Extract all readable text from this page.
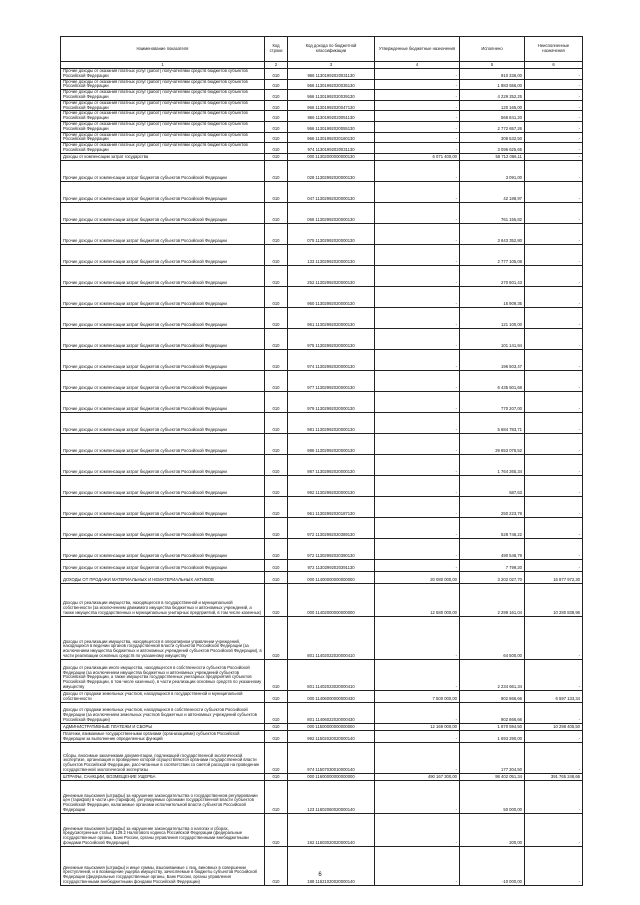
Наименование показателя	Код строки	Код дохода по бюджетной классификации	Утвержденные бюджетные назначения	Исполнено	Неисполненные назначения
1	2	3	4	5	6
Прочие доходы от оказания платных услуг (работ) получателями средств бюджетов субъектов Российской Федерации	010	966 11301992020031130	-	910 336,00	-
Прочие доходы от оказания платных услуг (работ) получателями средств бюджетов субъектов Российской Федерации	010	966 11301992020035130	-	1 883 556,00	-
Прочие доходы от оказания платных услуг (работ) получателями средств бюджетов субъектов Российской Федерации	010	966 11301992020039130	-	4 229 252,25	-
Прочие доходы от оказания платных услуг (работ) получателями средств бюджетов субъектов Российской Федерации	010	966 11301992020047130	-	120 165,00	-
Прочие доходы от оказания платных услуг (работ) получателями средств бюджетов субъектов Российской Федерации	010	966 11301992020051130	-	566 841,20	-
Прочие доходы от оказания платных услуг (работ) получателями средств бюджетов субъектов Российской Федерации	010	966 11301992020055130	-	2 772 657,26	-
Прочие доходы от оказания платных услуг (работ) получателями средств бюджетов субъектов Российской Федерации	010	966 11301992020160130	-	308 532,50	-
Прочие доходы от оказания платных услуг (работ) получателями средств бюджетов субъектов Российской Федерации	010	974 11301992020031130	-	3 096 625,65	-
Доходы от компенсации затрат государства	010	000 11302000000000130	6 071 400,00	55 712 066,11	-
Прочие доходы от компенсации затрат бюджетов субъектов Российской Федерации	010	028 11302992020000130	-	3 091,00	-
Прочие доходы от компенсации затрат бюджетов субъектов Российской Федерации	010	047 11302992020000130	-	42 188,97	-
Прочие доходы от компенсации затрат бюджетов субъектов Российской Федерации	010	066 11302992020000130	-	761 155,82	-
Прочие доходы от компенсации затрат бюджетов субъектов Российской Федерации	010	075 11302992020000130	-	3 643 352,80	-
Прочие доходы от компенсации затрат бюджетов субъектов Российской Федерации	010	133 11302992020000130	-	2 777 105,08	-
Прочие доходы от компенсации затрат бюджетов субъектов Российской Федерации	010	252 11302992020000130	-	270 601,43	-
Прочие доходы от компенсации затрат бюджетов субъектов Российской Федерации	010	960 11302992020000130	-	15 909,35	-
Прочие доходы от компенсации затрат бюджетов субъектов Российской Федерации	010	961 11302992020000130	-	121 100,00	-
Прочие доходы от компенсации затрат бюджетов субъектов Российской Федерации	010	975 11302992020000130	-	101 141,94	-
Прочие доходы от компенсации затрат бюджетов субъектов Российской Федерации	010	974 11302992020000130	-	196 503,47	-
Прочие доходы от компенсации затрат бюджетов субъектов Российской Федерации	010	977 11302992020000130	-	6 435 501,68	-
Прочие доходы от компенсации затрат бюджетов субъектов Российской Федерации	010	979 11302992020000130	-	770 207,00	-
Прочие доходы от компенсации затрат бюджетов субъектов Российской Федерации	010	981 11302992020000130	-	5 684 783,71	-
Прочие доходы от компенсации затрат бюджетов субъектов Российской Федерации	010	986 11302992020000130	-	29 653 076,52	-
Прочие доходы от компенсации затрат бюджетов субъектов Российской Федерации	010	987 11302992020000130	-	1 764 265,34	-
Прочие доходы от компенсации затрат бюджетов субъектов Российской Федерации	010	992 11302992020000130	-	587,63	-
Прочие доходы от компенсации затрат бюджетов субъектов Российской Федерации	010	961 11302992020187130	-	250 223,78	-
Прочие доходы от компенсации затрат бюджетов субъектов Российской Федерации	010	972 11302992020389130	-	528 746,22	-
Прочие доходы от компенсации затрат бюджетов субъектов Российской Федерации	010	972 11302992020390130	-	490 548,79	-
Прочие доходы от компенсации затрат бюджетов субъектов Российской Федерации	010	972 11302992020391130	-	7 799,20	-
ДОХОДЫ ОТ ПРОДАЖИ МАТЕРИАЛЬНЫХ И НЕМАТЕРИАЛЬНЫХ АКТИВОВ	010	000 11400000000000000	20 080 000,00	3 202 027,70	16 877 972,30
Доходы от реализации имущества, находящегося в государственной и муниципальной собственности (за исключением движимого имущества бюджетных и автономных учреждений, а также имущества государственных и муниципальных унитарных предприятий, в том числе казенных)	010	000 11402000000000000	12 580 000,00	2 299 161,04	10 280 838,96
Доходы от реализации имущества, находящегося в оперативном управлении учреждений, находящихся в ведении органов государственной власти субъектов Российской Федерации (за исключением имущества бюджетных и автономных учреждений субъектов Российской Федерации), в части реализации основных средств по указанному имуществу	010	801 11402022020000410	-	64 500,00	-
Доходы от реализации иного имущества, находящегося в собственности субъектов Российской Федерации (за исключением имущества бюджетных и автономных учреждений субъектов Российской Федерации, а также имущества государственных унитарных предприятий субъектов Российской Федерации, в том числе казенных), в части реализации основных средств по указанному имуществу	010	801 11402023020000410	-	2 234 661,34	-
Доходы от продажи земельных участков, находящихся в государственной и муниципальной собственности	010	000 11406000000000430	7 500 000,00	902 866,66	6 597 133,34
Доходы от продажи земельных участков, находящихся в собственности субъектов Российской Федерации (за исключением земельных участков бюджетных и автономных учреждений субъектов Российской Федерации)	010	801 11406022020000430	-	902 866,66	-
АДМИНИСТРАТИВНЫЕ ПЛАТЕЖИ И СБОРЫ	010	000 11500000000000000	12 169 000,00	1 870 594,50	10 298 405,50
Платежи, взимаемые государственными органами (организациями) субъектов Российской Федерации за выполнение определенных функций	010	992 11502020020000140	-	1 693 290,00	-
Сборы, вносимые заказчиками документации, подлежащей государственной экологической экспертизе, организация и проведение которой осуществляются органами государственной власти субъектов Российской Федерации, рассчитанные в соответствии со сметой расходов на проведение государственной экологической экспертизы	010	974 11507030010000140	-	177 304,50	-
ШТРАФЫ, САНКЦИИ, ВОЗМЕЩЕНИЕ УЩЕРБА	010	000 11600000000000000	490 167 300,00	98 402 051,34	391 765 248,66
Денежные взыскания (штрафы) за нарушение законодательства о государственном регулировании цен (тарифов) в части цен (тарифов), регулируемых органами государственной власти субъектов Российской Федерации, налагаемые органами исполнительной власти субъектов Российской Федерации	010	123 11602060020000140	-	50 000,00	-
Денежные взыскания (штрафы) за нарушение законодательства о налогах и сборах, предусмотренные статьей 129.2 Налогового кодекса Российской Федерации (федеральные государственные органы, Банк России, органы управления государственными внебюджетными фондами Российской Федерации)	010	182 11603020020000140	-	200,00	-
Денежные взыскания (штрафы) и иные суммы, взыскиваемые с лиц, виновных в совершении преступлений, и в возмещение ущерба имуществу, зачисляемые в бюджеты субъектов Российской Федерации (федеральные государственные органы, Банк России, органы управления государственными внебюджетными фондами Российской Федерации)	010	188 11621020020000140	-	-10 000,00	-
6
